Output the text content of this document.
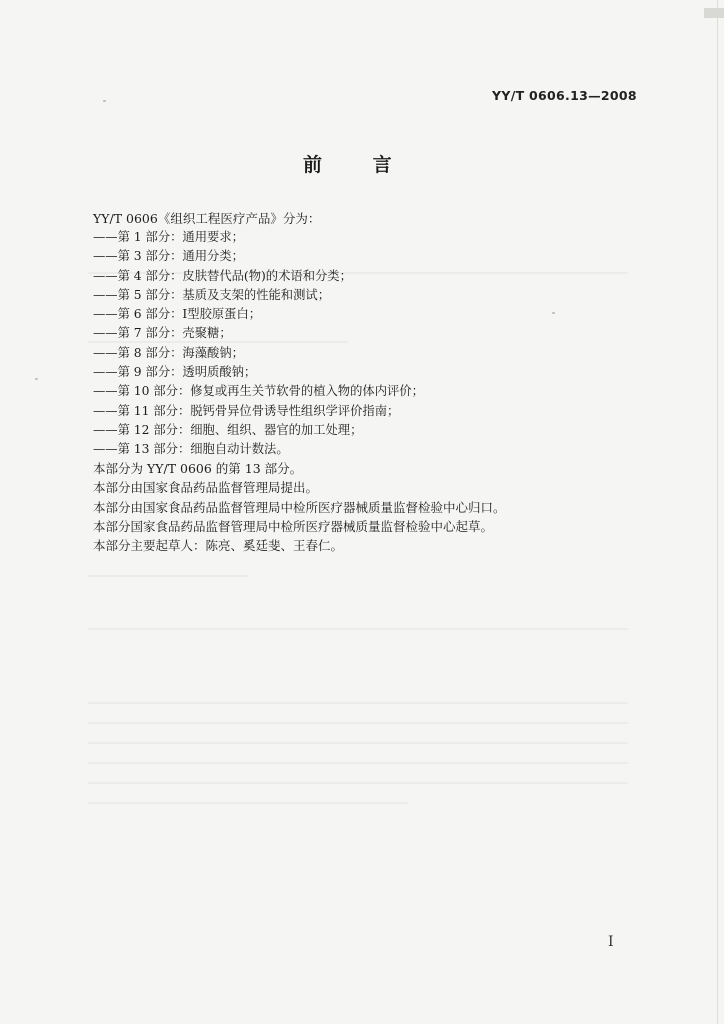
YY/T 0606.13—2008
前 言
YY/T 0606《组织工程医疗产品》分为：
——第 1 部分：通用要求；
——第 3 部分：通用分类；
——第 4 部分：皮肤替代品(物)的术语和分类；
——第 5 部分：基质及支架的性能和测试；
——第 6 部分：Ⅰ型胶原蛋白；
——第 7 部分：壳聚糖；
——第 8 部分：海藻酸钠；
——第 9 部分：透明质酸钠；
——第 10 部分：修复或再生关节软骨的植入物的体内评价；
——第 11 部分：脱钙骨异位骨诱导性组织学评价指南；
——第 12 部分：细胞、组织、器官的加工处理；
——第 13 部分：细胞自动计数法。
本部分为 YY/T 0606 的第 13 部分。
本部分由国家食品药品监督管理局提出。
本部分由国家食品药品监督管理局中检所医疗器械质量监督检验中心归口。
本部分国家食品药品监督管理局中检所医疗器械质量监督检验中心起草。
本部分主要起草人：陈亮、奚廷斐、王春仁。
Ⅰ
